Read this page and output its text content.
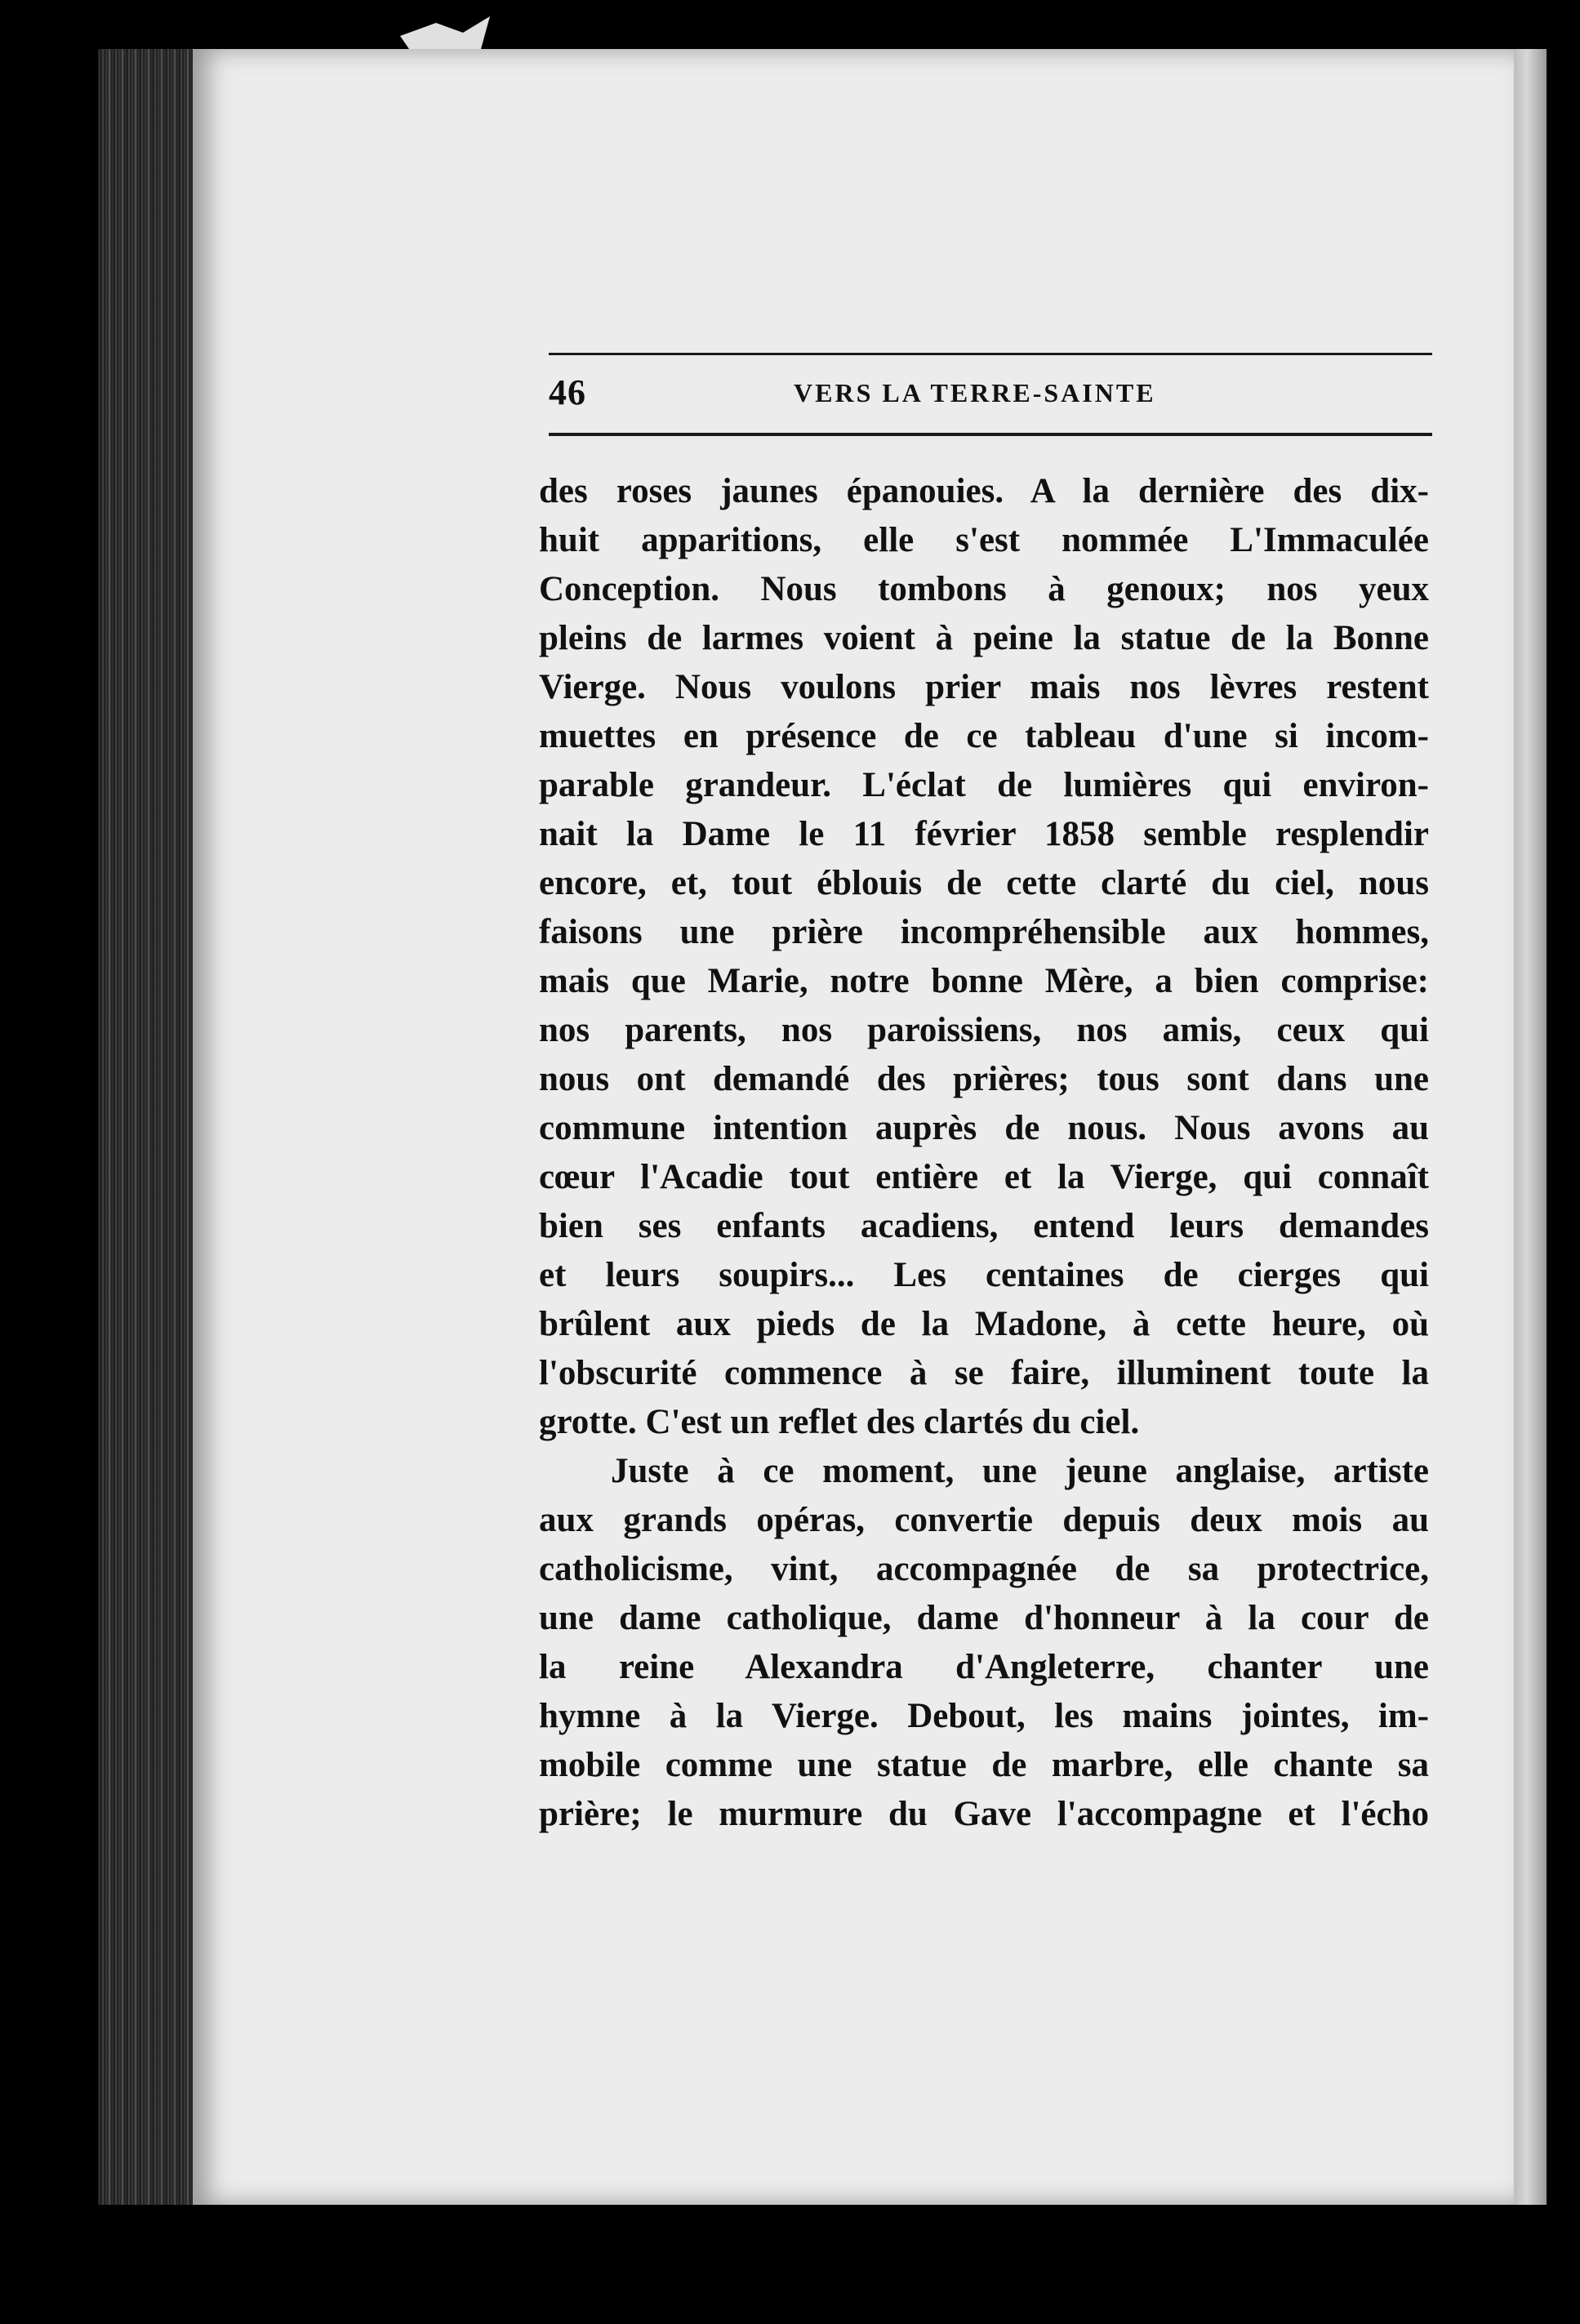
46	VERS LA TERRE-SAINTE
des roses jaunes épanouies. A la dernière des dix-
huit apparitions, elle s'est nommée L'Immaculée
Conception. Nous tombons à genoux; nos yeux
pleins de larmes voient à peine la statue de la Bonne
Vierge. Nous voulons prier mais nos lèvres restent
muettes en présence de ce tableau d'une si incom-
parable grandeur. L'éclat de lumières qui environ-
nait la Dame le 11 février 1858 semble resplendir
encore, et, tout éblouis de cette clarté du ciel, nous
faisons une prière incompréhensible aux hommes,
mais que Marie, notre bonne Mère, a bien comprise:
nos parents, nos paroissiens, nos amis, ceux qui
nous ont demandé des prières; tous sont dans une
commune intention auprès de nous. Nous avons au
cœur l'Acadie tout entière et la Vierge, qui connaît
bien ses enfants acadiens, entend leurs demandes
et leurs soupirs... Les centaines de cierges qui
brûlent aux pieds de la Madone, à cette heure, où
l'obscurité commence à se faire, illuminent toute la
grotte. C'est un reflet des clartés du ciel.
Juste à ce moment, une jeune anglaise, artiste
aux grands opéras, convertie depuis deux mois au
catholicisme, vint, accompagnée de sa protectrice,
une dame catholique, dame d'honneur à la cour de
la reine Alexandra d'Angleterre, chanter une
hymne à la Vierge. Debout, les mains jointes, im-
mobile comme une statue de marbre, elle chante sa
prière; le murmure du Gave l'accompagne et l'écho
